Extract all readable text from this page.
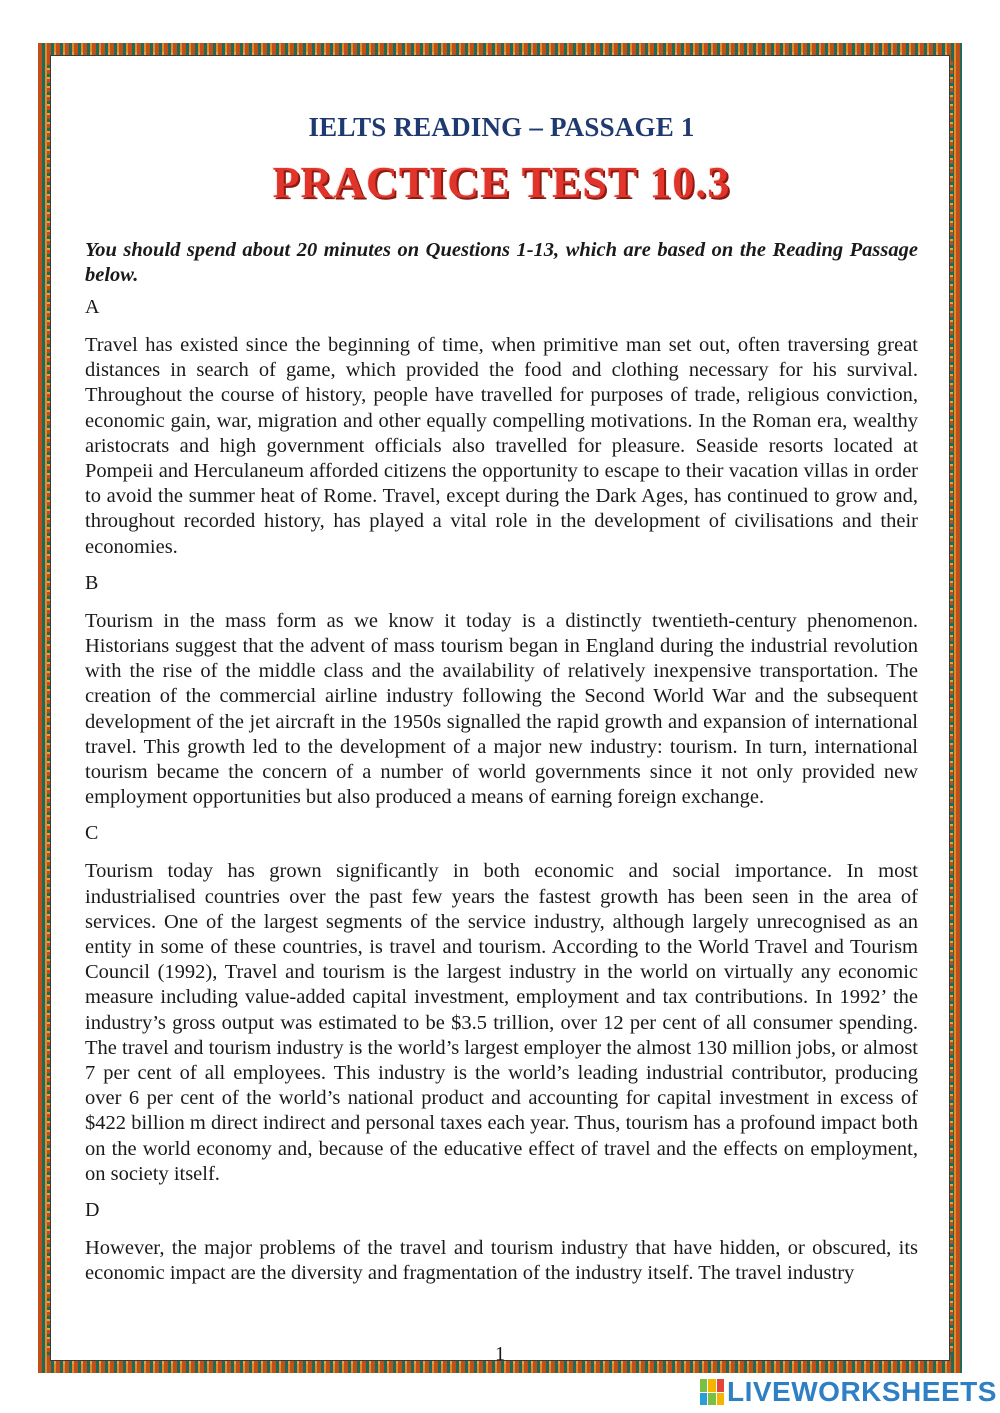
IELTS READING – PASSAGE 1
PRACTICE TEST 10.3

You should spend about 20 minutes on Questions 1-13, which are based on the Reading Passage below.

A

Travel has existed since the beginning of time, when primitive man set out, often traversing great distances in search of game, which provided the food and clothing necessary for his survival. Throughout the course of history, people have travelled for purposes of trade, religious conviction, economic gain, war, migration and other equally compelling motivations. In the Roman era, wealthy aristocrats and high government officials also travelled for pleasure. Seaside resorts located at Pompeii and Herculaneum afforded citizens the opportunity to escape to their vacation villas in order to avoid the summer heat of Rome. Travel, except during the Dark Ages, has continued to grow and, throughout recorded history, has played a vital role in the development of civilisations and their economies.

B

Tourism in the mass form as we know it today is a distinctly twentieth-century phenomenon. Historians suggest that the advent of mass tourism began in England during the industrial revolution with the rise of the middle class and the availability of relatively inexpensive transportation. The creation of the commercial airline industry following the Second World War and the subsequent development of the jet aircraft in the 1950s signalled the rapid growth and expansion of international travel. This growth led to the development of a major new industry: tourism. In turn, international tourism became the concern of a number of world governments since it not only provided new employment opportunities but also produced a means of earning foreign exchange.

C

Tourism today has grown significantly in both economic and social importance. In most industrialised countries over the past few years the fastest growth has been seen in the area of services. One of the largest segments of the service industry, although largely unrecognised as an entity in some of these countries, is travel and tourism. According to the World Travel and Tourism Council (1992), Travel and tourism is the largest industry in the world on virtually any economic measure including value-added capital investment, employment and tax contributions. In 1992’ the industry’s gross output was estimated to be $3.5 trillion, over 12 per cent of all consumer spending. The travel and tourism industry is the world’s largest employer the almost 130 million jobs, or almost 7 per cent of all employees. This industry is the world’s leading industrial contributor, producing over 6 per cent of the world’s national product and accounting for capital investment in excess of $422 billion m direct indirect and personal taxes each year. Thus, tourism has a profound impact both on the world economy and, because of the educative effect of travel and the effects on employment, on society itself.

D

However, the major problems of the travel and tourism industry that have hidden, or obscured, its economic impact are the diversity and fragmentation of the industry itself. The travel industry

1
LIVEWORKSHEETS
